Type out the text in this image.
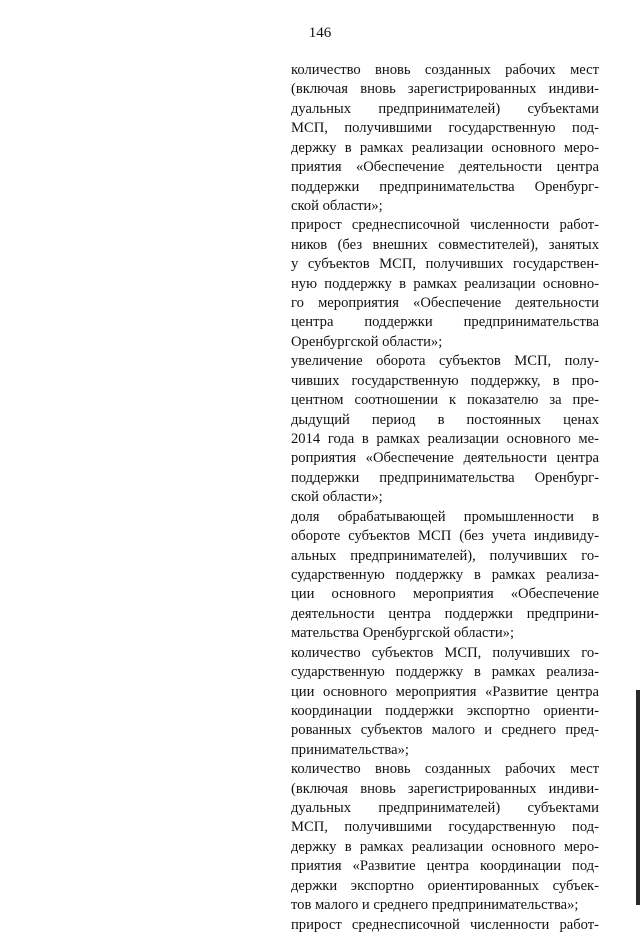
146
количество вновь созданных рабочих мест
(включая вновь зарегистрированных индиви-
дуальных предпринимателей) субъектами
МСП, получившими государственную под-
держку в рамках реализации основного меро-
приятия «Обеспечение деятельности центра
поддержки предпринимательства Оренбург-
ской области»;
прирост среднесписочной численности работ-
ников (без внешних совместителей), занятых
у субъектов МСП, получивших государствен-
ную поддержку в рамках реализации основно-
го мероприятия «Обеспечение деятельности
центра поддержки предпринимательства
Оренбургской области»;
увеличение оборота субъектов МСП, полу-
чивших государственную поддержку, в про-
центном соотношении к показателю за пре-
дыдущий период в постоянных ценах
2014 года в рамках реализации основного ме-
роприятия «Обеспечение деятельности центра
поддержки предпринимательства Оренбург-
ской области»;
доля обрабатывающей промышленности в
обороте субъектов МСП (без учета индивиду-
альных предпринимателей), получивших го-
сударственную поддержку в рамках реализа-
ции основного мероприятия «Обеспечение
деятельности центра поддержки предприни-
мательства Оренбургской области»;
количество субъектов МСП, получивших го-
сударственную поддержку в рамках реализа-
ции основного мероприятия «Развитие центра
координации поддержки экспортно ориенти-
рованных субъектов малого и среднего пред-
принимательства»;
количество вновь созданных рабочих мест
(включая вновь зарегистрированных индиви-
дуальных предпринимателей) субъектами
МСП, получившими государственную под-
держку в рамках реализации основного меро-
приятия «Развитие центра координации под-
держки экспортно ориентированных субъек-
тов малого и среднего предпринимательства»;
прирост среднесписочной численности работ-
